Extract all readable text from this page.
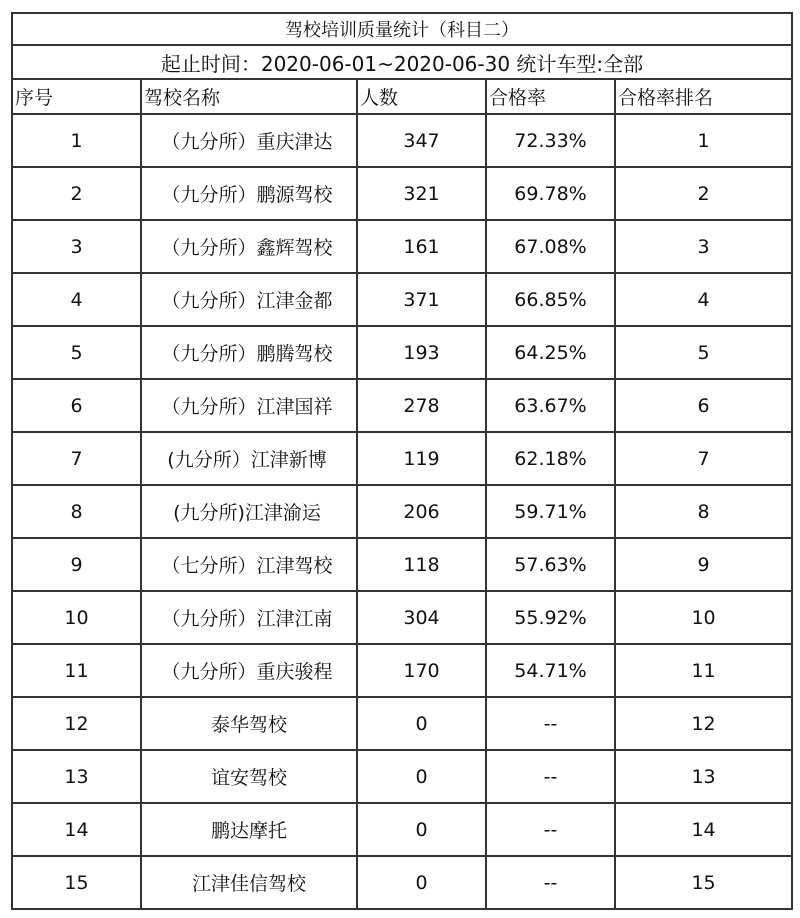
驾校培训质量统计（科目二）				
起止时间：2020-06-01~2020-06-30 统计车型:全部				
序号	驾校名称	人数	合格率	合格率排名
1	（九分所）重庆津达	347	72.33%	1
2	（九分所）鹏源驾校	321	69.78%	2
3	（九分所）鑫辉驾校	161	67.08%	3
4	（九分所）江津金都	371	66.85%	4
5	（九分所）鹏腾驾校	193	64.25%	5
6	（九分所）江津国祥	278	63.67%	6
7	(九分所）江津新博	119	62.18%	7
8	(九分所)江津渝运	206	59.71%	8
9	（七分所）江津驾校	118	57.63%	9
10	（九分所）江津江南	304	55.92%	10
11	（九分所）重庆骏程	170	54.71%	11
12	泰华驾校	0	--	12
13	谊安驾校	0	--	13
14	鹏达摩托	0	--	14
15	江津佳信驾校	0	--	15
